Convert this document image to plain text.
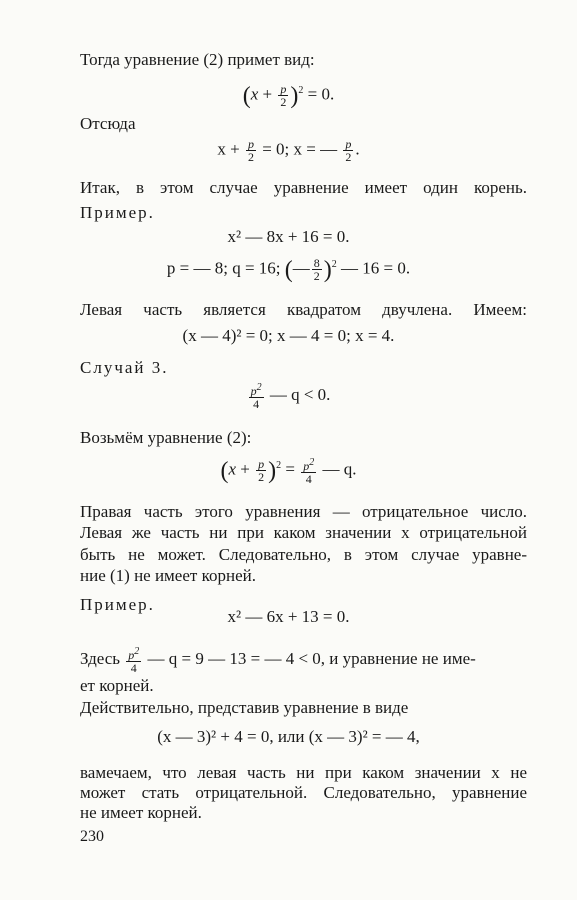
Тогда уравнение (2) примет вид:
$(x + \frac{p}{2} )^2 = 0$.
Отсюда
$x + \frac{p}{2} = 0$; x = — $\frac{p}{2}$ .
Итак, в этом случае уравнение имеет один корень.
Пример.
x² — 8x + 16 = 0.
p = — 8; q = 16; (— $\frac{8}{2} )^2$ — 16 = 0.
Левая часть является квадратом двучлена. Имеем:
(x — 4)² = 0; x — 4 = 0; x = 4.
Случай 3.
$\frac{p^2}{4}$ — q < 0.
Возьмём уравнение (2):
$(x + \frac{p}{2} )^2 = \frac{p^2}{4}$ — q.
Правая часть этого уравнения — отрицательное число.
Левая же часть ни при каком значении x отрицательной
быть не может. Следовательно, в этом случае уравне-
ние (1) не имеет корней.
Пример.
x² — 6x + 13 = 0.
Здесь $\frac{p^2}{4}$ — q = 9 — 13 = — 4 < 0, и уравнение не име-
ет корней.
Действительно, представив уравнение в виде
(x — 3)² + 4 = 0, или (x — 3)² = — 4,
вамечаем, что левая часть ни при каком значении x не
может стать отрицательной. Следовательно, уравнение
не имеет корней.
230
